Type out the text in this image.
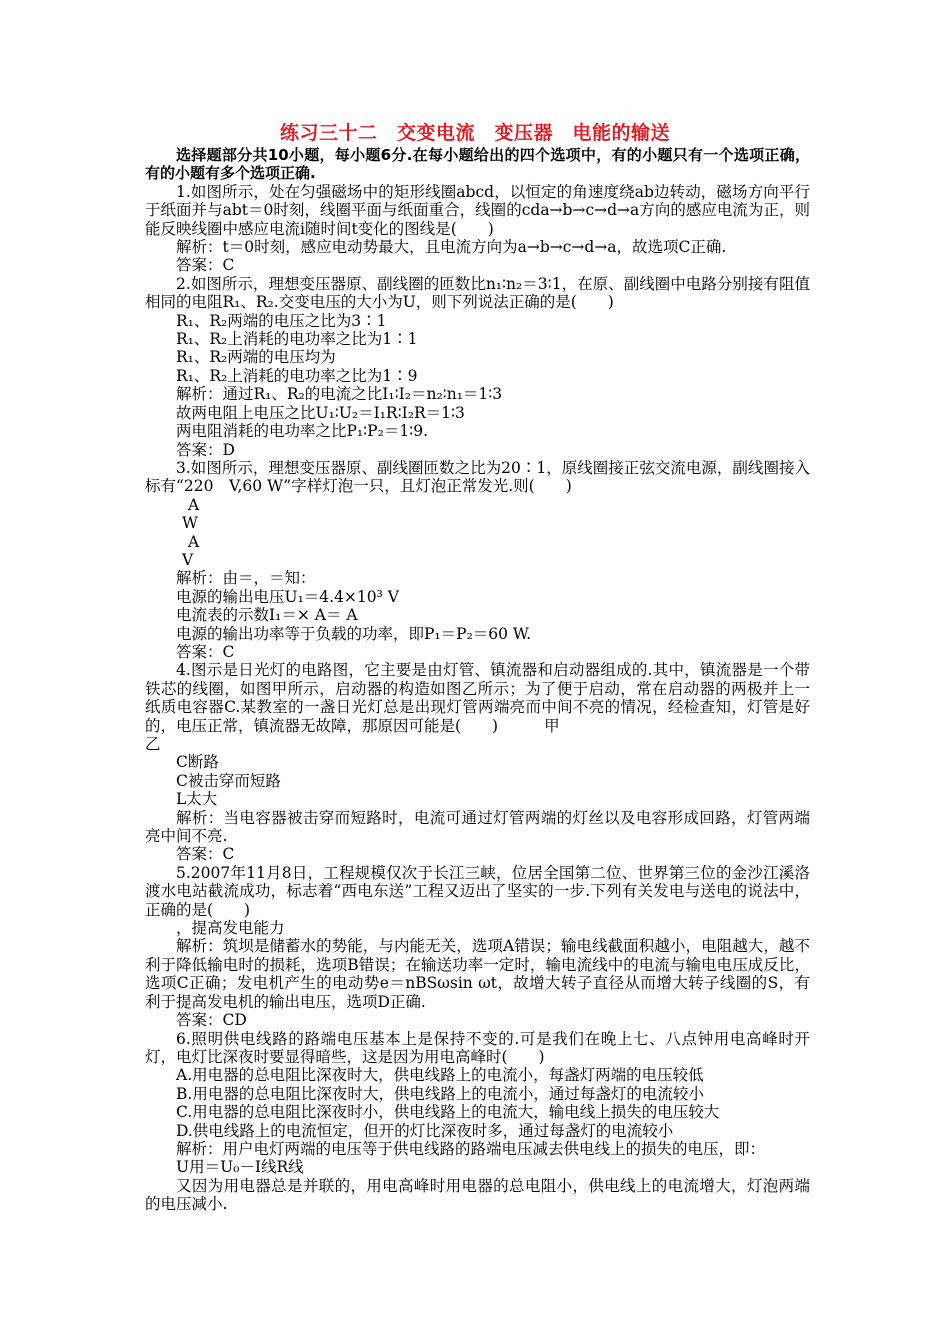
练习三十二　交变电流　变压器　电能的输送

选择题部分共10小题，每小题6分.在每小题给出的四个选项中，有的小题只有一个选项正确，有的小题有多个选项正确.

1.如图所示，处在匀强磁场中的矩形线圈abcd，以恒定的角速度绕ab边转动，磁场方向平行于纸面并与abt＝0时刻，线圈平面与纸面重合，线圈的cda→b→c→d→a方向的感应电流为正，则能反映线圈中感应电流i随时间t变化的图线是(　　)

解析：t＝0时刻，感应电动势最大，且电流方向为a→b→c→d→a，故选项C正确.

答案：C

2.如图所示，理想变压器原、副线圈的匝数比n₁∶n₂＝3∶1，在原、副线圈中电路分别接有阻值相同的电阻R₁、R₂.交变电压的大小为U，则下列说法正确的是(　　)

R₁、R₂两端的电压之比为3∶1

R₁、R₂上消耗的电功率之比为1∶1

R₁、R₂两端的电压均为

R₁、R₂上消耗的电功率之比为1∶9

解析：通过R₁、R₂的电流之比I₁∶I₂＝n₂∶n₁＝1∶3

故两电阻上电压之比U₁∶U₂＝I₁R∶I₂R＝1∶3

两电阻消耗的电功率之比P₁∶P₂＝1∶9.

答案：D

3.如图所示，理想变压器原、副线圈匝数之比为20∶1，原线圈接正弦交流电源，副线圈接入标有“220　V,60 W”字样灯泡一只，且灯泡正常发光.则(　　)

A

W

A

V

解析：由＝，＝知：

电源的输出电压U₁＝4.4×10³ V

电流表的示数I₁＝× A＝ A

电源的输出功率等于负载的功率，即P₁＝P₂＝60 W.

答案：C

4.图示是日光灯的电路图，它主要是由灯管、镇流器和启动器组成的.其中，镇流器是一个带铁芯的线圈，如图甲所示，启动器的构造如图乙所示；为了便于启动，常在启动器的两极并上一纸质电容器C.某教室的一盏日光灯总是出现灯管两端亮而中间不亮的情况，经检查知，灯管是好的，电压正常，镇流器无故障，那原因可能是(　　)	甲

乙

C断路

C被击穿而短路

L太大

解析：当电容器被击穿而短路时，电流可通过灯管两端的灯丝以及电容形成回路，灯管两端亮中间不亮.

答案：C

5.2007年11月8日，工程规模仅次于长江三峡，位居全国第二位、世界第三位的金沙江溪洛渡水电站截流成功，标志着“西电东送”工程又迈出了坚实的一步.下列有关发电与送电的说法中，正确的是(　　)

，提高发电能力

解析：筑坝是储蓄水的势能，与内能无关，选项A错误；输电线截面积越小，电阻越大，越不利于降低输电时的损耗，选项B错误；在输送功率一定时，输电流线中的电流与输电电压成反比，选项C正确；发电机产生的电动势e＝nBSωsin ωt，故增大转子直径从而增大转子线圈的S，有利于提高发电机的输出电压，选项D正确.

答案：CD

6.照明供电线路的路端电压基本上是保持不变的.可是我们在晚上七、八点钟用电高峰时开灯，电灯比深夜时要显得暗些，这是因为用电高峰时(　　)

A.用电器的总电阻比深夜时大，供电线路上的电流小，每盏灯两端的电压较低

B.用电器的总电阻比深夜时大，供电线路上的电流小，通过每盏灯的电流较小

C.用电器的总电阻比深夜时小，供电线路上的电流大，输电线上损失的电压较大

D.供电线路上的电流恒定，但开的灯比深夜时多，通过每盏灯的电流较小

解析：用户电灯两端的电压等于供电线路的路端电压减去供电线上的损失的电压，即：

U用＝U₀－I线R线

又因为用电器总是并联的，用电高峰时用电器的总电阻小，供电线上的电流增大，灯泡两端的电压减小.
